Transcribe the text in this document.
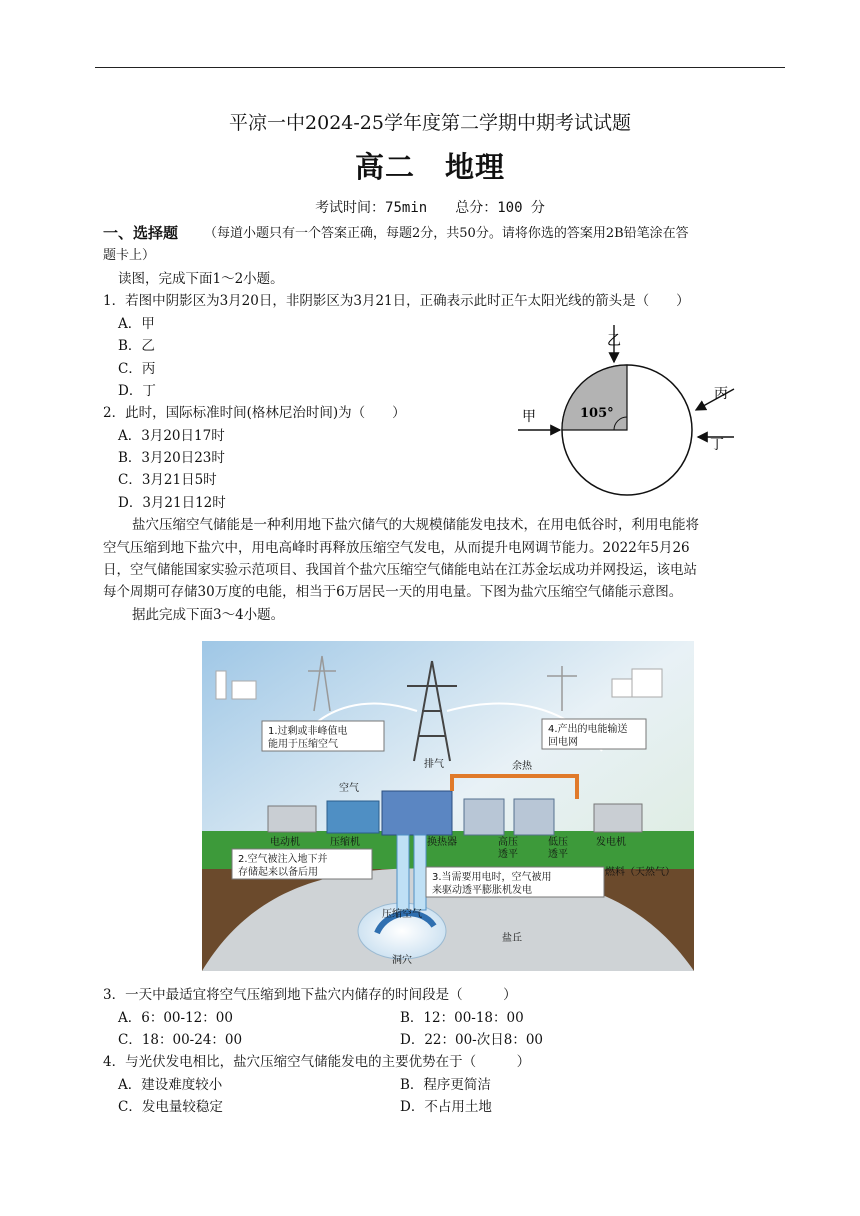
平凉一中2024-25学年度第二学期中期考试试题
高二　地理
考试时间：75min　　总分：100 分
一、选择题 （每道小题只有一个答案正确，每题2分，共50分。请将你选的答案用2B铅笔涂在答
题卡上）
读图，完成下面1～2小题。
1．若图中阴影区为3月20日，非阴影区为3月21日，正确表示此时正午太阳光线的箭头是（　　）
A．甲
B．乙
C．丙
D．丁
2．此时，国际标准时间(格林尼治时间)为（　　）
A．3月20日17时
B．3月20日23时
C．3月21日5时
D．3月21日12时
105°
乙
甲
丙
丁
盐穴压缩空气储能是一种利用地下盐穴储气的大规模储能发电技术，在用电低谷时，利用电能将
空气压缩到地下盐穴中，用电高峰时再释放压缩空气发电，从而提升电网调节能力。2022年5月26
日，空气储能国家实验示范项目、我国首个盐穴压缩空气储能电站在江苏金坛成功并网投运，该电站
每个周期可存储30万度的电能，相当于6万居民一天的用电量。下图为盐穴压缩空气储能示意图。
据此完成下面3～4小题。
1.过剩或非峰值电
能用于压缩空气
4.产出的电能输送
回电网
2.空气被注入地下并
存储起来以备后用	3.当需要用电时，空气被用
来驱动透平膨胀机发电
空气
排气	余热
电动机	压缩机	换热器	高压
透平
低压
透平
发电机
燃料（天然气）
压缩空气
洞穴
盐丘
3．一天中最适宜将空气压缩到地下盐穴内储存的时间段是（　　　）
A．6：00-12：00	B．12：00-18：00
C．18：00-24：00	D．22：00-次日8：00
4．与光伏发电相比，盐穴压缩空气储能发电的主要优势在于（　　　）
A．建设难度较小	B．程序更简洁
C．发电量较稳定	D．不占用土地
